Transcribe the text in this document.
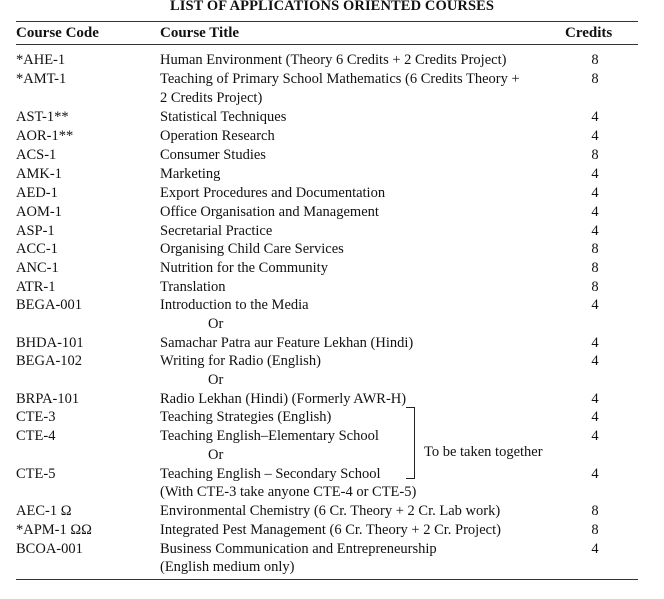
LIST OF APPLICATIONS ORIENTED COURSES
Course Code	Course Title	Credits
*AHE-1	Human Environment (Theory 6 Credits + 2 Credits Project)	8
*AMT-1	Teaching of Primary School Mathematics (6 Credits Theory +	8
2 Credits Project)
AST-1**	Statistical Techniques	4
AOR-1**	Operation Research	4
ACS-1	Consumer Studies	8
AMK-1	Marketing	4
AED-1	Export Procedures and Documentation	4
AOM-1	Office Organisation and Management	4
ASP-1	Secretarial Practice	4
ACC-1	Organising Child Care Services	8
ANC-1	Nutrition for the Community	8
ATR-1	Translation	8
BEGA-001	Introduction to the Media	4
Or
BHDA-101	Samachar Patra aur Feature Lekhan (Hindi)	4
BEGA-102	Writing for Radio (English)	4
Or
BRPA-101	Radio Lekhan (Hindi) (Formerly AWR-H)	4
CTE-3	Teaching Strategies (English)	4
CTE-4	Teaching English–Elementary School	4
Or
CTE-5	Teaching English – Secondary School	4
(With CTE-3 take anyone CTE-4 or CTE-5)
AEC-1 Ω	Environmental Chemistry (6 Cr. Theory + 2 Cr. Lab work)	8
*APM-1 ΩΩ	Integrated Pest Management (6 Cr. Theory + 2 Cr. Project)	8
BCOA-001	Business Communication and Entrepreneurship	4
(English medium only)
To be taken together
